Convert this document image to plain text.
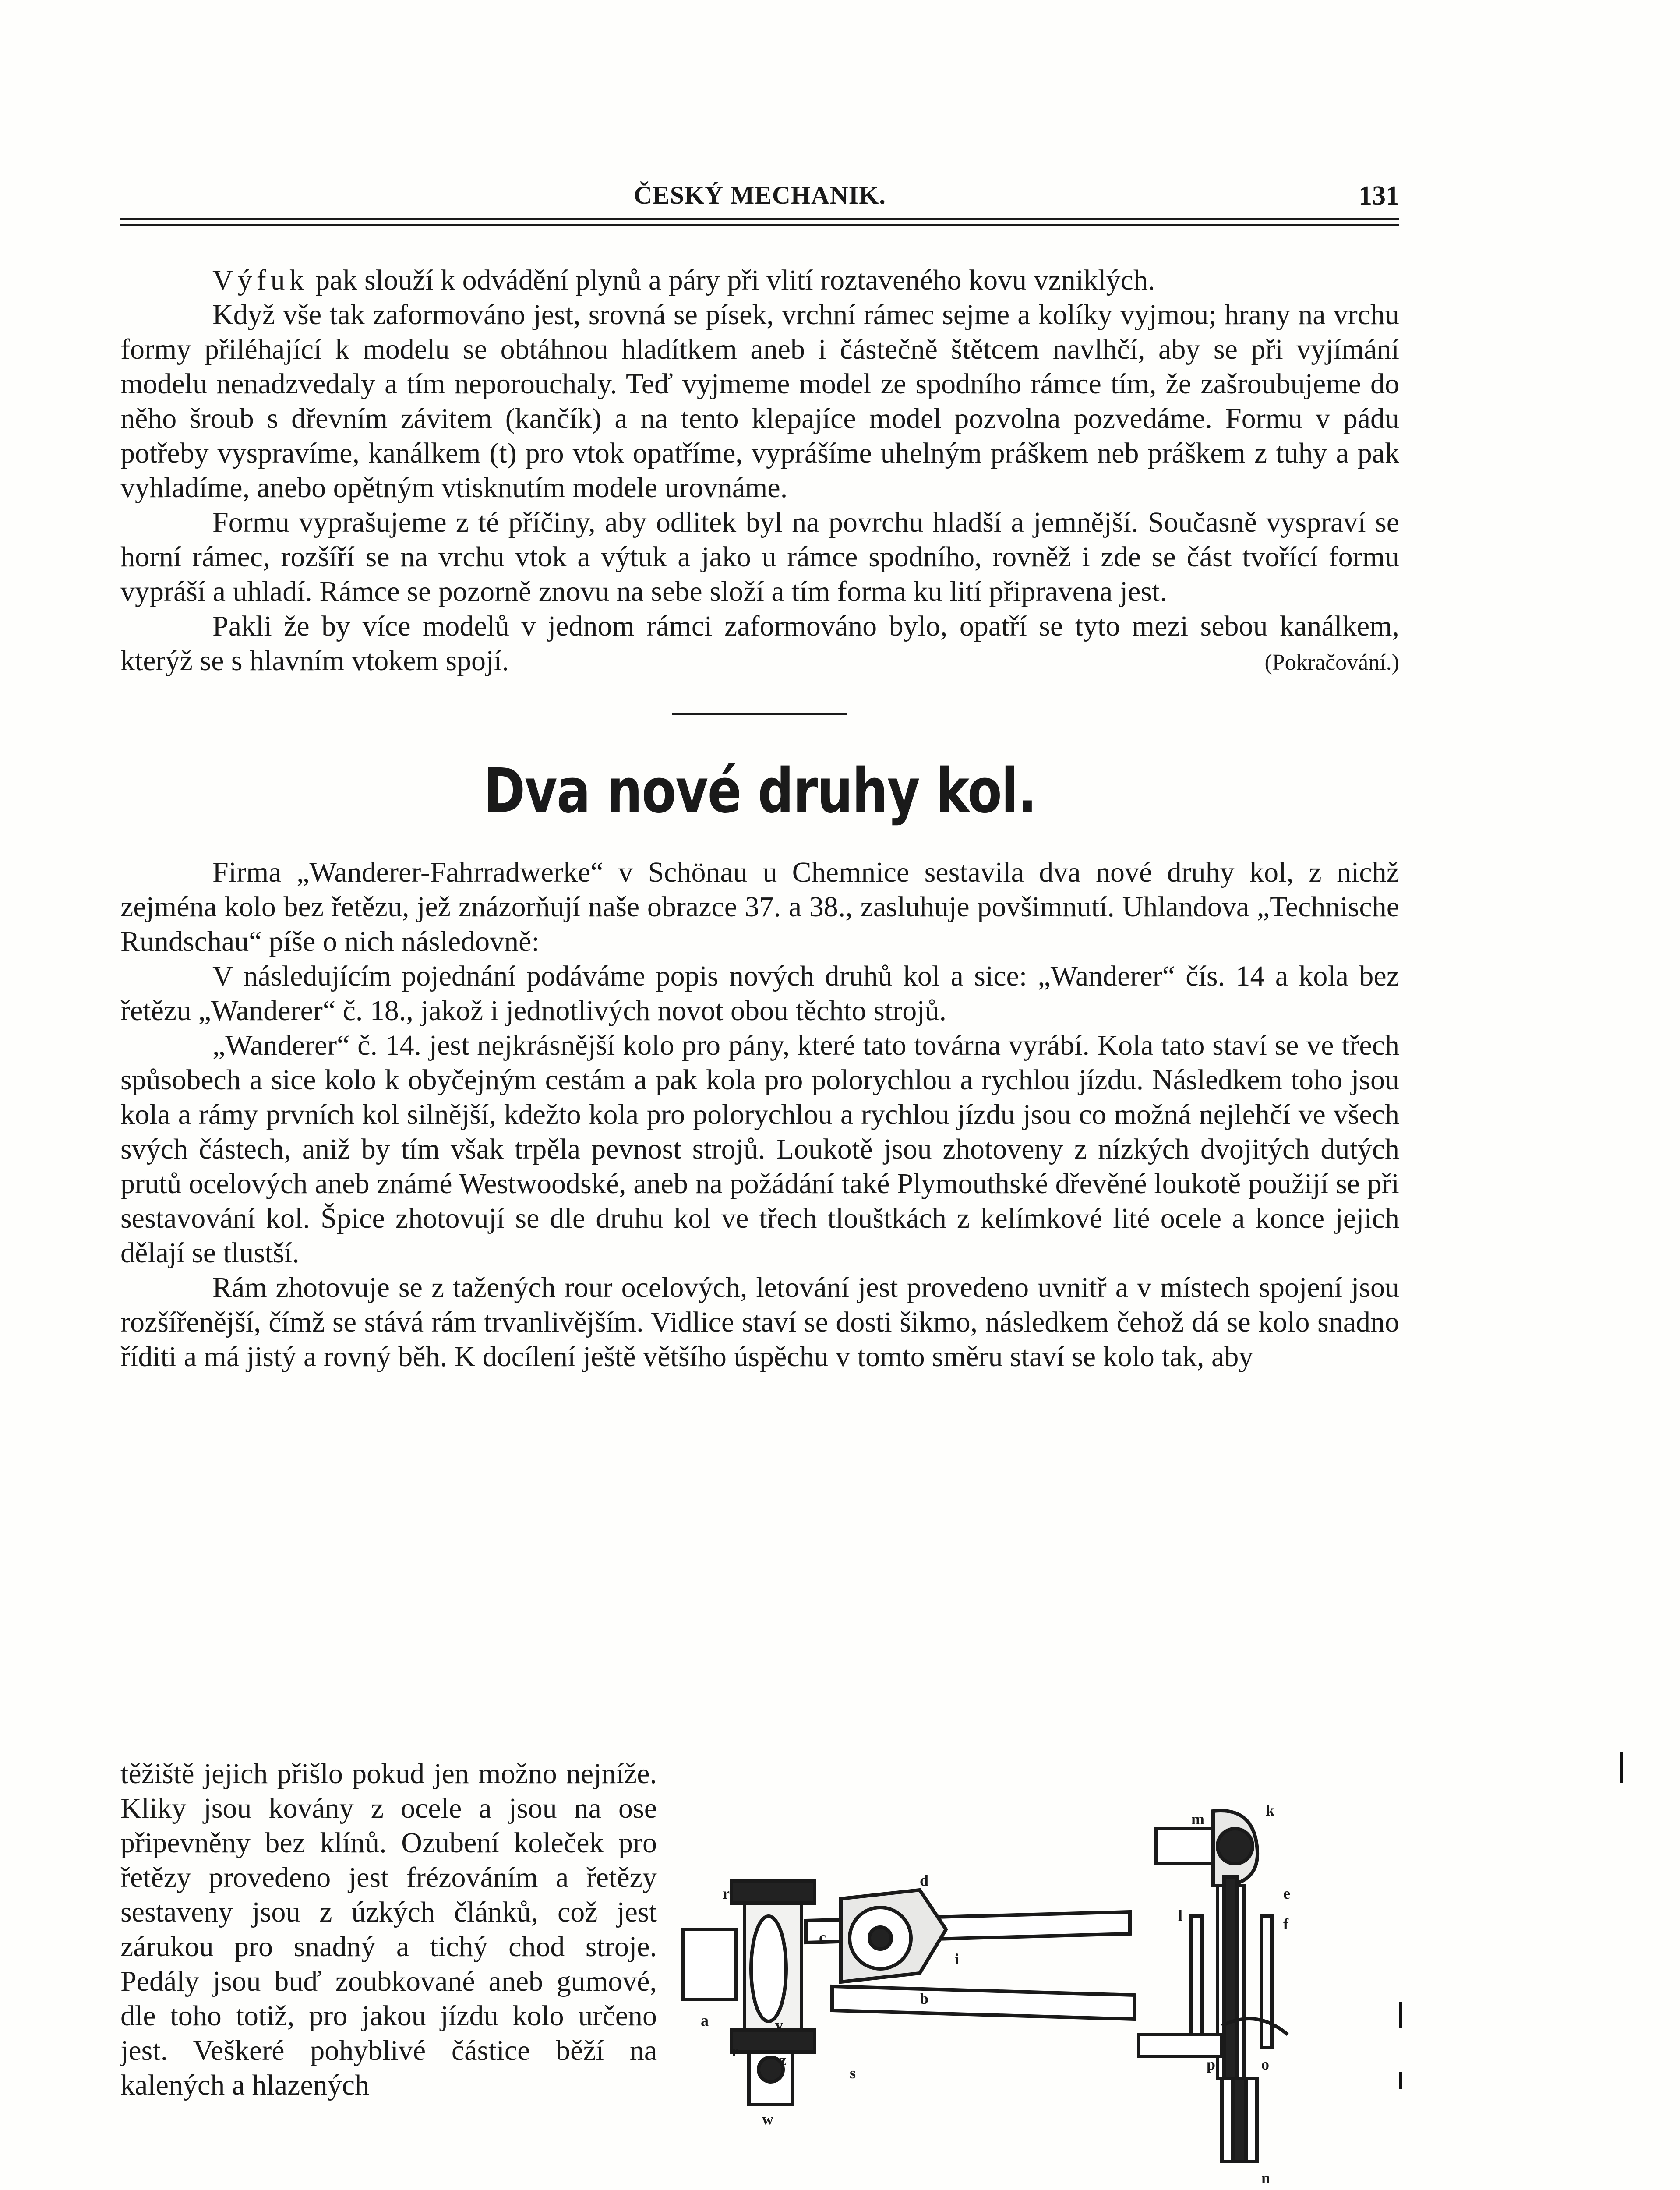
ČESKÝ MECHANIK.	131

Výfuk pak slouží k odvádění plynů a páry při vlití roztaveného kovu vzniklých.

Když vše tak zaformováno jest, srovná se písek, vrchní rámec sejme a kolíky vyjmou; hrany na vrchu formy přiléhající k modelu se obtáhnou hladítkem aneb i částečně štětcem navlhčí, aby se při vyjímání modelu nenadzvedaly a tím neporouchaly. Teď vyjmeme model ze spodního rámce tím, že zašroubujeme do něho šroub s dřevním závitem (kančík) a na tento klepajíce model pozvolna pozvedáme. Formu v pádu potřeby vyspravíme, kanálkem (t) pro vtok opatříme, vyprášíme uhelným práškem neb práškem z tuhy a pak vyhladíme, anebo opětným vtisknutím modele urovnáme.

Formu vyprašujeme z té příčiny, aby odlitek byl na povrchu hladší a jemnější. Současně vyspraví se horní rámec, rozšíří se na vrchu vtok a výtuk a jako u rámce spodního, rovněž i zde se část tvořící formu vypráší a uhladí. Rámce se pozorně znovu na sebe složí a tím forma ku lití připravena jest.

Pakli že by více modelů v jednom rámci zaformováno bylo, opatří se tyto mezi sebou kanálkem, kterýž se s hlavním vtokem spojí.	(Pokračování.)

Dva nové druhy kol.

Firma „Wanderer-Fahrradwerke“ v Schönau u Chemnice sestavila dva nové druhy kol, z nichž zejména kolo bez řetězu, jež znázorňují naše obrazce 37. a 38., zasluhuje povšimnutí. Uhlandova „Technische Rundschau“ píše o nich následovně:

V následujícím pojednání podáváme popis nových druhů kol a sice: „Wanderer“ čís. 14 a kola bez řetězu „Wanderer“ č. 18., jakož i jednotlivých novot obou těchto strojů.

„Wanderer“ č. 14. jest nejkrásnější kolo pro pány, které tato továrna vyrábí. Kola tato staví se ve třech spůsobech a sice kolo k obyčejným cestám a pak kola pro polorychlou a rychlou jízdu. Následkem toho jsou kola a rámy prvních kol silnější, kdežto kola pro polorychlou a rychlou jízdu jsou co možná nejlehčí ve všech svých částech, aniž by tím však trpěla pevnost strojů. Loukotě jsou zhotoveny z nízkých dvojitých dutých prutů ocelových aneb známé Westwoodské, aneb na požádání také Plymouthské dřevěné loukotě použijí se při sestavování kol. Špice zhotovují se dle druhu kol ve třech tlouštkách z kelímkové lité ocele a konce jejich dělají se tlustší.

Rám zhotovuje se z tažených rour ocelových, letování jest provedeno uvnitř a v místech spojení jsou rozšířenější, čímž se stává rám trvanlivějším. Vidlice staví se dosti šikmo, následkem čehož dá se kolo snadno říditi a má jistý a rovný běh. K docílení ještě většího úspěchu v tomto směru staví se kolo tak, aby

těžiště jejich přišlo pokud jen možno nejníže. Kliky jsou kovány z ocele a jsou na ose připevněny bez klínů. Ozubení koleček pro řetězy provedeno jest frézováním a řetězy sestaveny jsou z úzkých článků, což jest zárukou pro snadný a tichý chod stroje. Pedály jsou buď zoubkované aneb gumové, dle toho totiž, pro jakou jízdu kolo určeno jest. Veškeré pohyblivé částice běží na kalených a hlazených

r
d
c
i
b
a	v
r	z
s
w
m	k
e
l	f
p	o
n
